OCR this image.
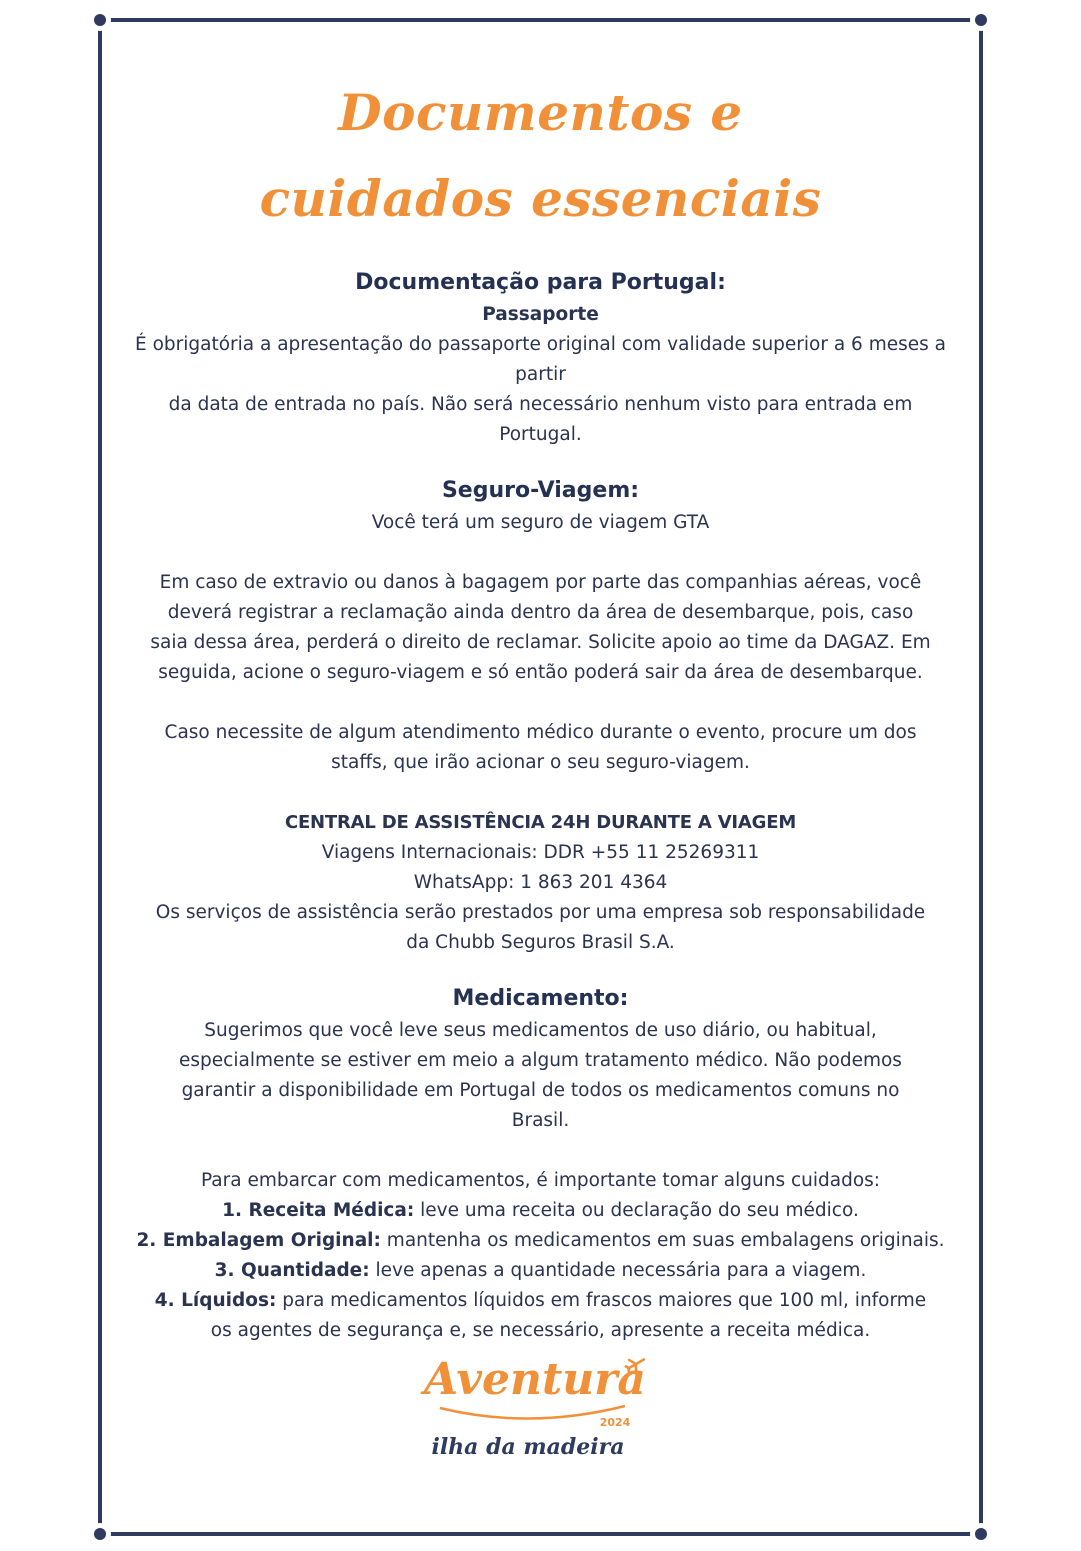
Documentos e
cuidados essenciais

Documentação para Portugal:

Passaporte

É obrigatória a apresentação do passaporte original com validade superior a 6 meses a partir

da data de entrada no país. Não será necessário nenhum visto para entrada em Portugal.

Seguro-Viagem:

Você terá um seguro de viagem GTA

Em caso de extravio ou danos à bagagem por parte das companhias aéreas, você

deverá registrar a reclamação ainda dentro da área de desembarque, pois, caso

saia dessa área, perderá o direito de reclamar. Solicite apoio ao time da DAGAZ. Em

seguida, acione o seguro-viagem e só então poderá sair da área de desembarque.

Caso necessite de algum atendimento médico durante o evento, procure um dos

staffs, que irão acionar o seu seguro-viagem.

CENTRAL DE ASSISTÊNCIA 24H DURANTE A VIAGEM

Viagens Internacionais: DDR +55 11 25269311

WhatsApp: 1 863 201 4364

Os serviços de assistência serão prestados por uma empresa sob responsabilidade

da Chubb Seguros Brasil S.A.

Medicamento:

Sugerimos que você leve seus medicamentos de uso diário, ou habitual,

especialmente se estiver em meio a algum tratamento médico. Não podemos

garantir a disponibilidade em Portugal de todos os medicamentos comuns no

Brasil.

Para embarcar com medicamentos, é importante tomar alguns cuidados:

1. Receita Médica: leve uma receita ou declaração do seu médico.

2. Embalagem Original: mantenha os medicamentos em suas embalagens originais.

3. Quantidade: leve apenas a quantidade necessária para a viagem.

4. Líquidos: para medicamentos líquidos em frascos maiores que 100 ml, informe

os agentes de segurança e, se necessário, apresente a receita médica.

Aventura
2024
ilha da madeira
